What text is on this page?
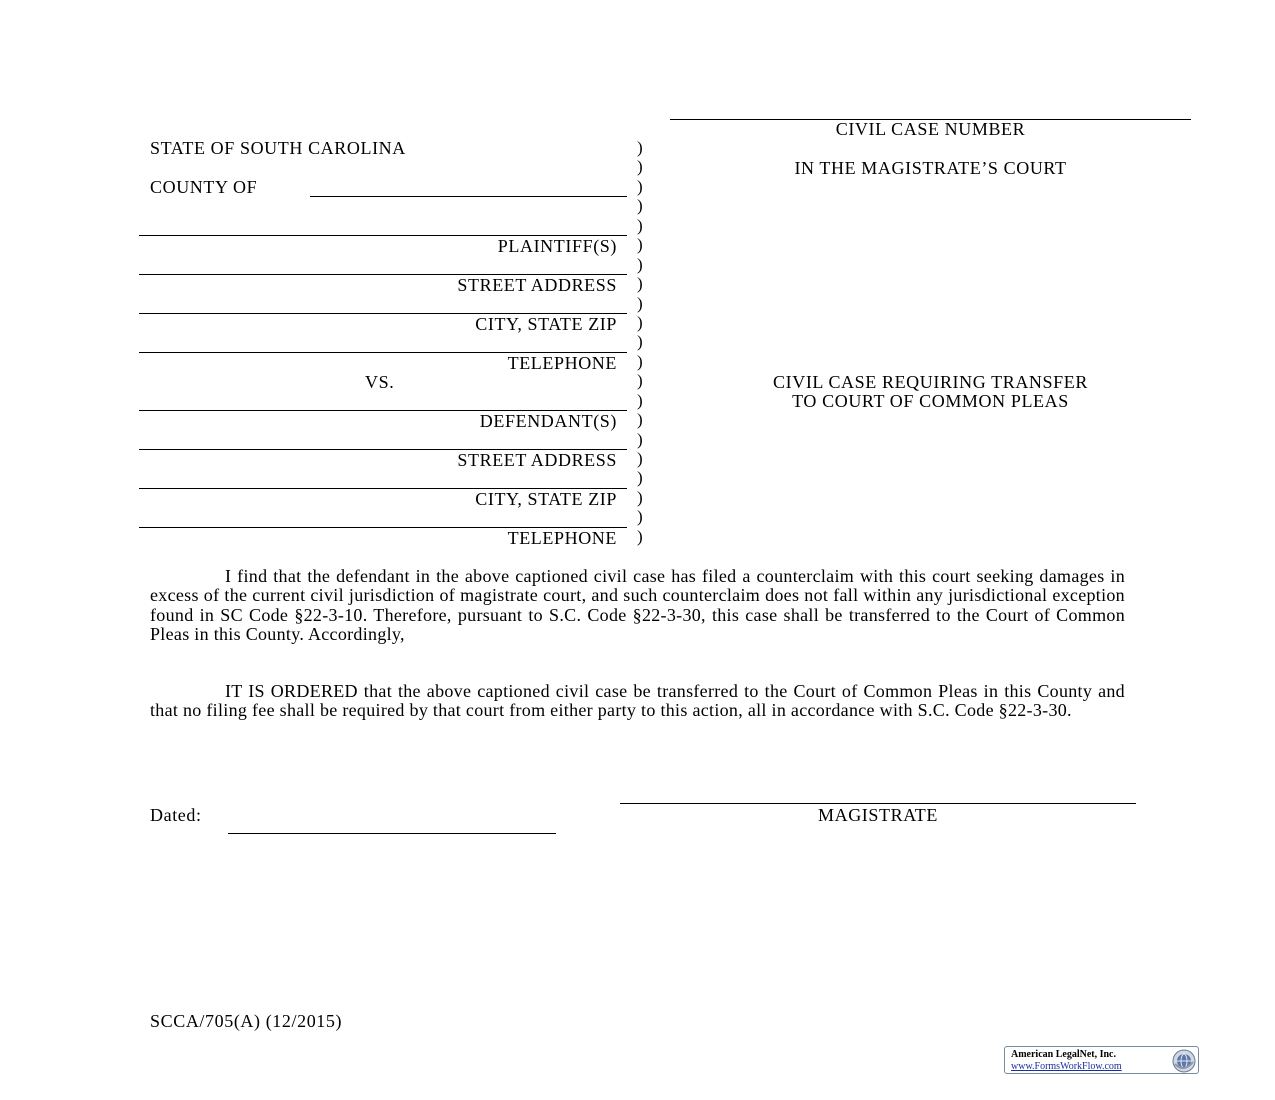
CIVIL CASE NUMBER
IN THE MAGISTRATE’S COURT
CIVIL CASE REQUIRING TRANSFER
TO COURT OF COMMON PLEAS
STATE OF SOUTH CAROLINA
COUNTY OF
PLAINTIFF(S)
STREET ADDRESS
CITY, STATE ZIP
TELEPHONE
VS.
DEFENDANT(S)
STREET ADDRESS
CITY, STATE ZIP
TELEPHONE
)
)
)
)
)
)
)
)
)
)
)
)
)
)
)
)
)
)
)
)
)

I find that the defendant in the above captioned civil case has filed a counterclaim with this court seeking damages in excess of the current civil jurisdiction of magistrate court, and such counterclaim does not fall within any jurisdictional exception found in SC Code §22-3-10. Therefore, pursuant to S.C. Code §22-3-30, this case shall be transferred to the Court of Common Pleas in this County. Accordingly,

IT IS ORDERED that the above captioned civil case be transferred to the Court of Common Pleas in this County and that no filing fee shall be required by that court from either party to this action, all in accordance with S.C. Code §22-3-30.

Dated:	MAGISTRATE
SCCA/705(A) (12/2015)
American LegalNet, Inc.
www.FormsWorkFlow.com
